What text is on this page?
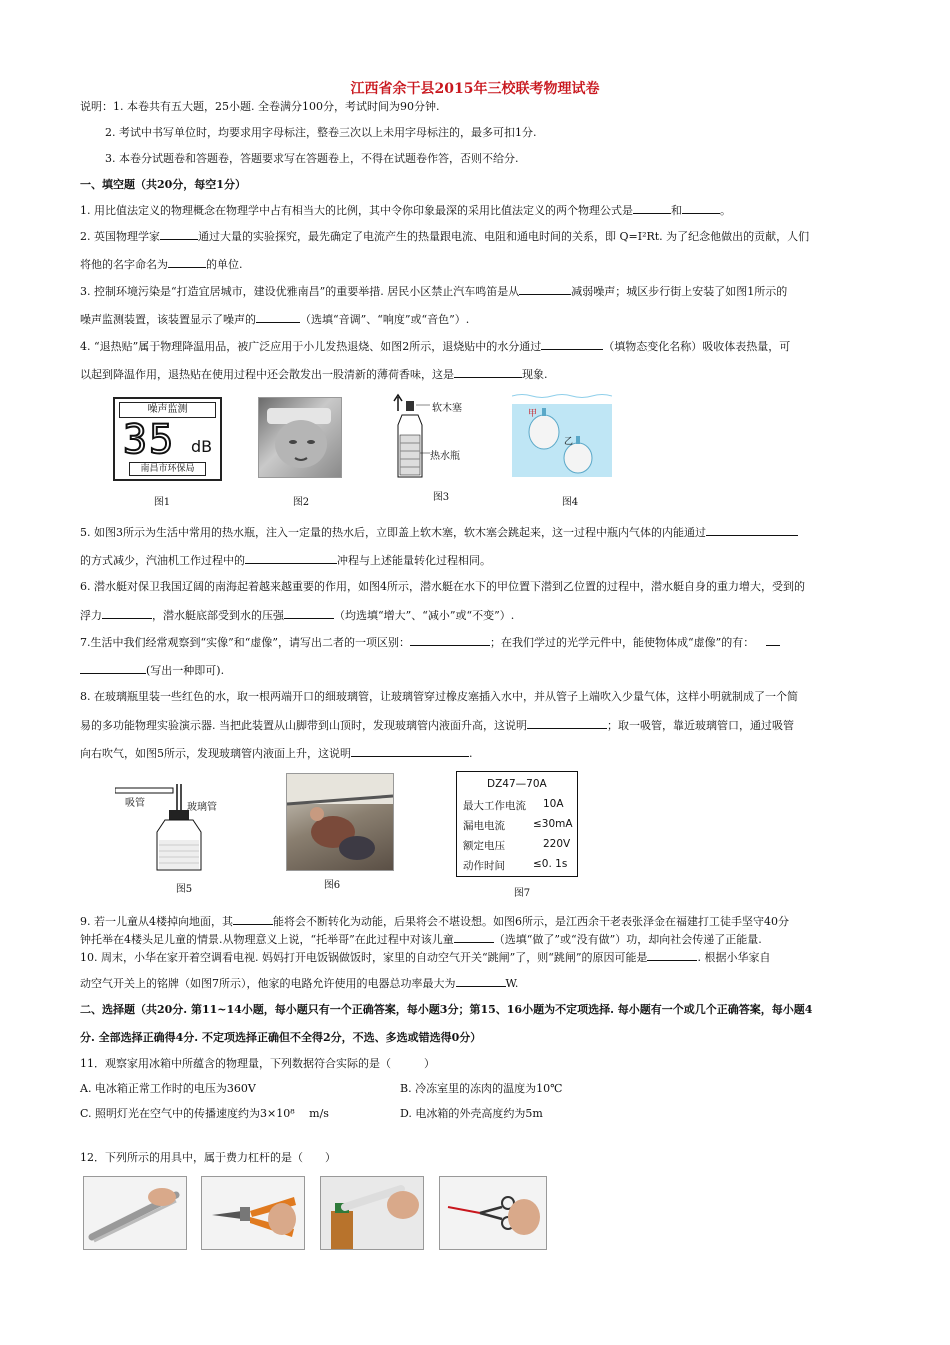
江西省余干县2015年三校联考物理试卷
说明：1. 本卷共有五大题，25小题. 全卷满分100分，考试时间为90分钟.
2. 考试中书写单位时，均要求用字母标注，整卷三次以上未用字母标注的，最多可扣1分.
3. 本卷分试题卷和答题卷，答题要求写在答题卷上，不得在试题卷作答，否则不给分.
一、填空题（共20分，每空1分）
1. 用比值法定义的物理概念在物理学中占有相当大的比例，其中令你印象最深的采用比值法定义的两个物理公式是	和	。
2. 英国物理学家	通过大量的实验探究，最先确定了电流产生的热量跟电流、电阻和通电时间的关系，即 Q=I²Rt. 为了纪念他做出的贡献，人们
将他的名字命名为	的单位.
3. 控制环境污染是“打造宜居城市，建设优雅南昌”的重要举措. 居民小区禁止汽车鸣笛是从	减弱噪声；城区步行街上安装了如图1所示的
噪声监测装置，该装置显示了噪声的	（选填“音调”、“响度”或“音色”）.
4. “退热贴”属于物理降温用品，被广泛应用于小儿发热退烧、如图2所示，退烧贴中的水分通过	（填物态变化名称）吸收体表热量，可
以起到降温作用，退热贴在使用过程中还会散发出一股清新的薄荷香味，这是	现象.
噪声监测
35 dB
南昌市环保局
图1	图2
软木塞
热水瓶
图3
甲
乙
图4
5. 如图3所示为生活中常用的热水瓶，注入一定量的热水后，立即盖上软木塞，软木塞会跳起来，这一过程中瓶内气体的内能通过
的方式减少，汽油机工作过程中的	冲程与上述能量转化过程相同。
6. 潜水艇对保卫我国辽阔的南海起着越来越重要的作用，如图4所示，潜水艇在水下的甲位置下潜到乙位置的过程中，潜水艇自身的重力增大，受到的
浮力	，潜水艇底部受到水的压强	（均选填“增大”、“减小”或“不变”）.
7.生活中我们经常观察到“实像”和“虚像”，请写出二者的一项区别：	；在我们学过的光学元件中，能使物体成“虚像”的有：
(写出一种即可).
8. 在玻璃瓶里装一些红色的水，取一根两端开口的细玻璃管，让玻璃管穿过橡皮塞插入水中，并从管子上端吹入少量气体，这样小明就制成了一个简
易的多功能物理实验演示器. 当把此装置从山脚带到山顶时，发现玻璃管内液面升高，这说明	；取一吸管，靠近玻璃管口，通过吸管
向右吹气，如图5所示，发现玻璃管内液面上升，这说明	.
吸管	玻璃管
图5	图6
DZ47—70A
最大工作电流 10A
漏电电流	≤30mA
额定电压	220V
动作时间	≤0. 1s
图7
9. 若一儿童从4楼掉向地面，其	能将会不断转化为动能，后果将会不堪设想。如图6所示，是江西余干老表张泽金在福建打工徒手坚守40分
钟托举在4楼头足儿童的情景.从物理意义上说，“托举哥”在此过程中对该儿童	（选填“做了”或“没有做”）功，却向社会传递了正能量.
10. 周末，小华在家开着空调看电视. 妈妈打开电饭锅做饭时，家里的自动空气开关“跳闸”了，则“跳闸”的原因可能是	. 根据小华家自
动空气开关上的铭牌（如图7所示），他家的电路允许使用的电器总功率最大为	W.
二、选择题（共20分. 第11~14小题，每小题只有一个正确答案，每小题3分；第15、16小题为不定项选择. 每小题有一个或几个正确答案，每小题4
分. 全部选择正确得4分. 不定项选择正确但不全得2分，不选、多选或错选得0分）
11．观察家用冰箱中所蕴含的物理量，下列数据符合实际的是（　　　）
A. 电冰箱正常工作时的电压为360V	B. 冷冻室里的冻肉的温度为10℃
C. 照明灯光在空气中的传播速度约为3×10⁸　 m/s	D. 电冰箱的外壳高度约为5m
12．下列所示的用具中，属于费力杠杆的是（　　）
